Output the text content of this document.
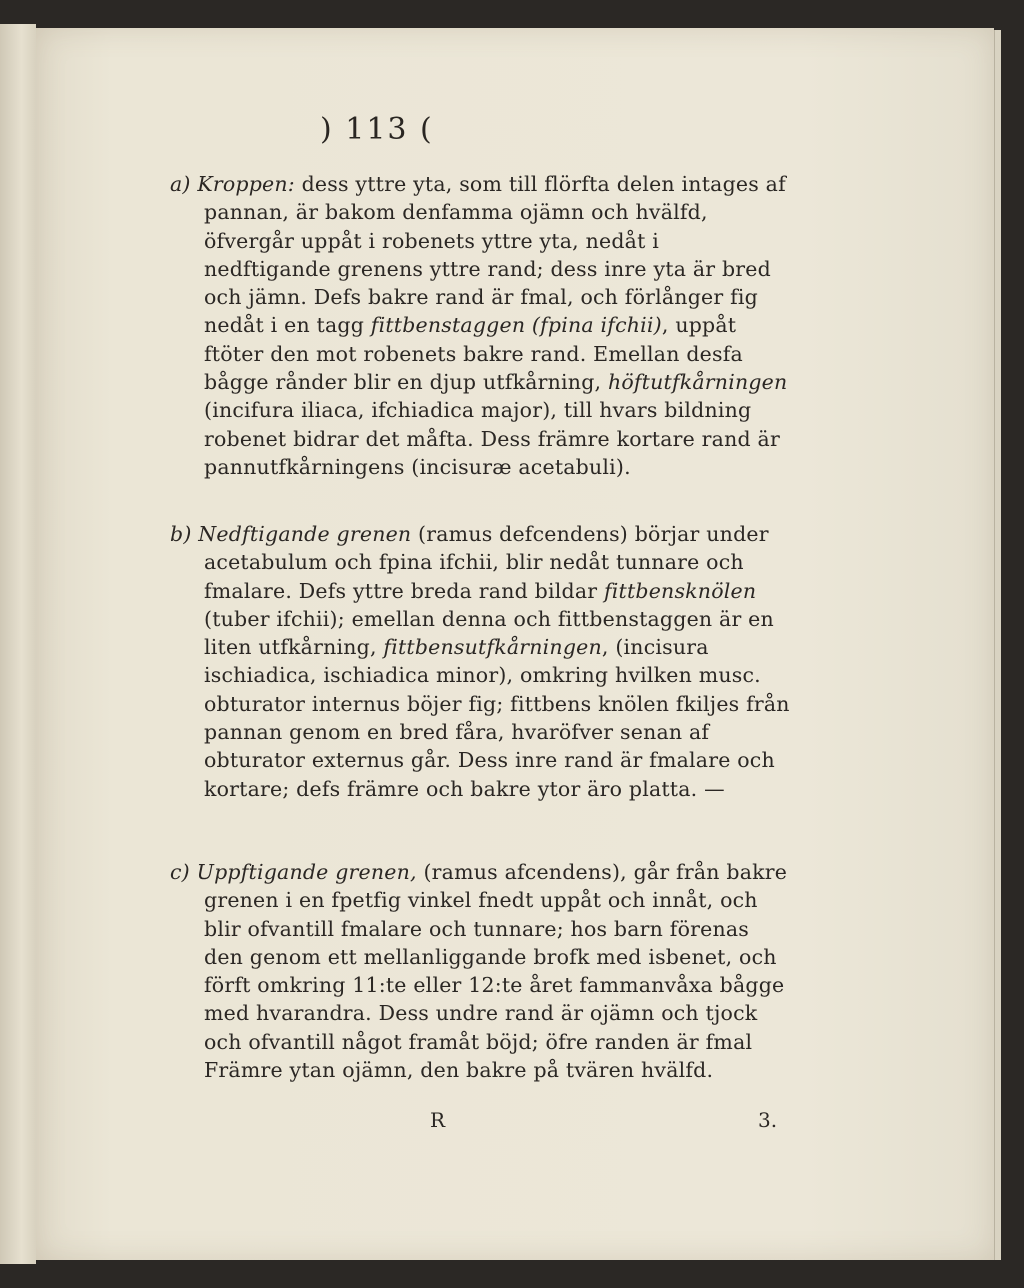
) 113 (

a) Kroppen: dess yttre yta, som till flörfta delen intages af pannan, är bakom denfamma ojämn och hvälfd, öfvergår uppåt i robenets yttre yta, nedåt i nedftigande grenens yttre rand; dess inre yta är bred och jämn. Defs bakre rand är fmal, och förlånger fig nedåt i en tagg fittbenstaggen (fpina ifchii), uppåt ftöter den mot robenets bakre rand. Emellan desfa bågge rånder blir en djup utfkårning, höftutfkårningen (incifura iliaca, ifchiadica major), till hvars bildning robenet bidrar det måfta. Dess främre kortare rand är pannutfkårningens (incisuræ acetabuli).

b) Nedftigande grenen (ramus defcendens) börjar under acetabulum och fpina ifchii, blir nedåt tunnare och fmalare. Defs yttre breda rand bildar fittbensknölen (tuber ifchii); emellan denna och fittbenstaggen är en liten utfkårning, fittbensutfkårningen, (incisura ischiadica, ischiadica minor), omkring hvilken musc. obturator internus böjer fig; fittbens knölen fkiljes från pannan genom en bred fåra, hvaröfver senan af obturator externus går. Dess inre rand är fmalare och kortare; defs främre och bakre ytor äro platta. —

c) Uppftigande grenen, (ramus afcendens), går från bakre grenen i en fpetfig vinkel fnedt uppåt och innåt, och blir ofvantill fmalare och tunnare; hos barn förenas den genom ett mellanliggande brofk med isbenet, och förft omkring 11:te eller 12:te året fammanvåxa bågge med hvarandra. Dess undre rand är ojämn och tjock och ofvantill något framåt böjd; öfre randen är fmal Främre ytan ojämn, den bakre på tvären hvälfd.

R	3.
